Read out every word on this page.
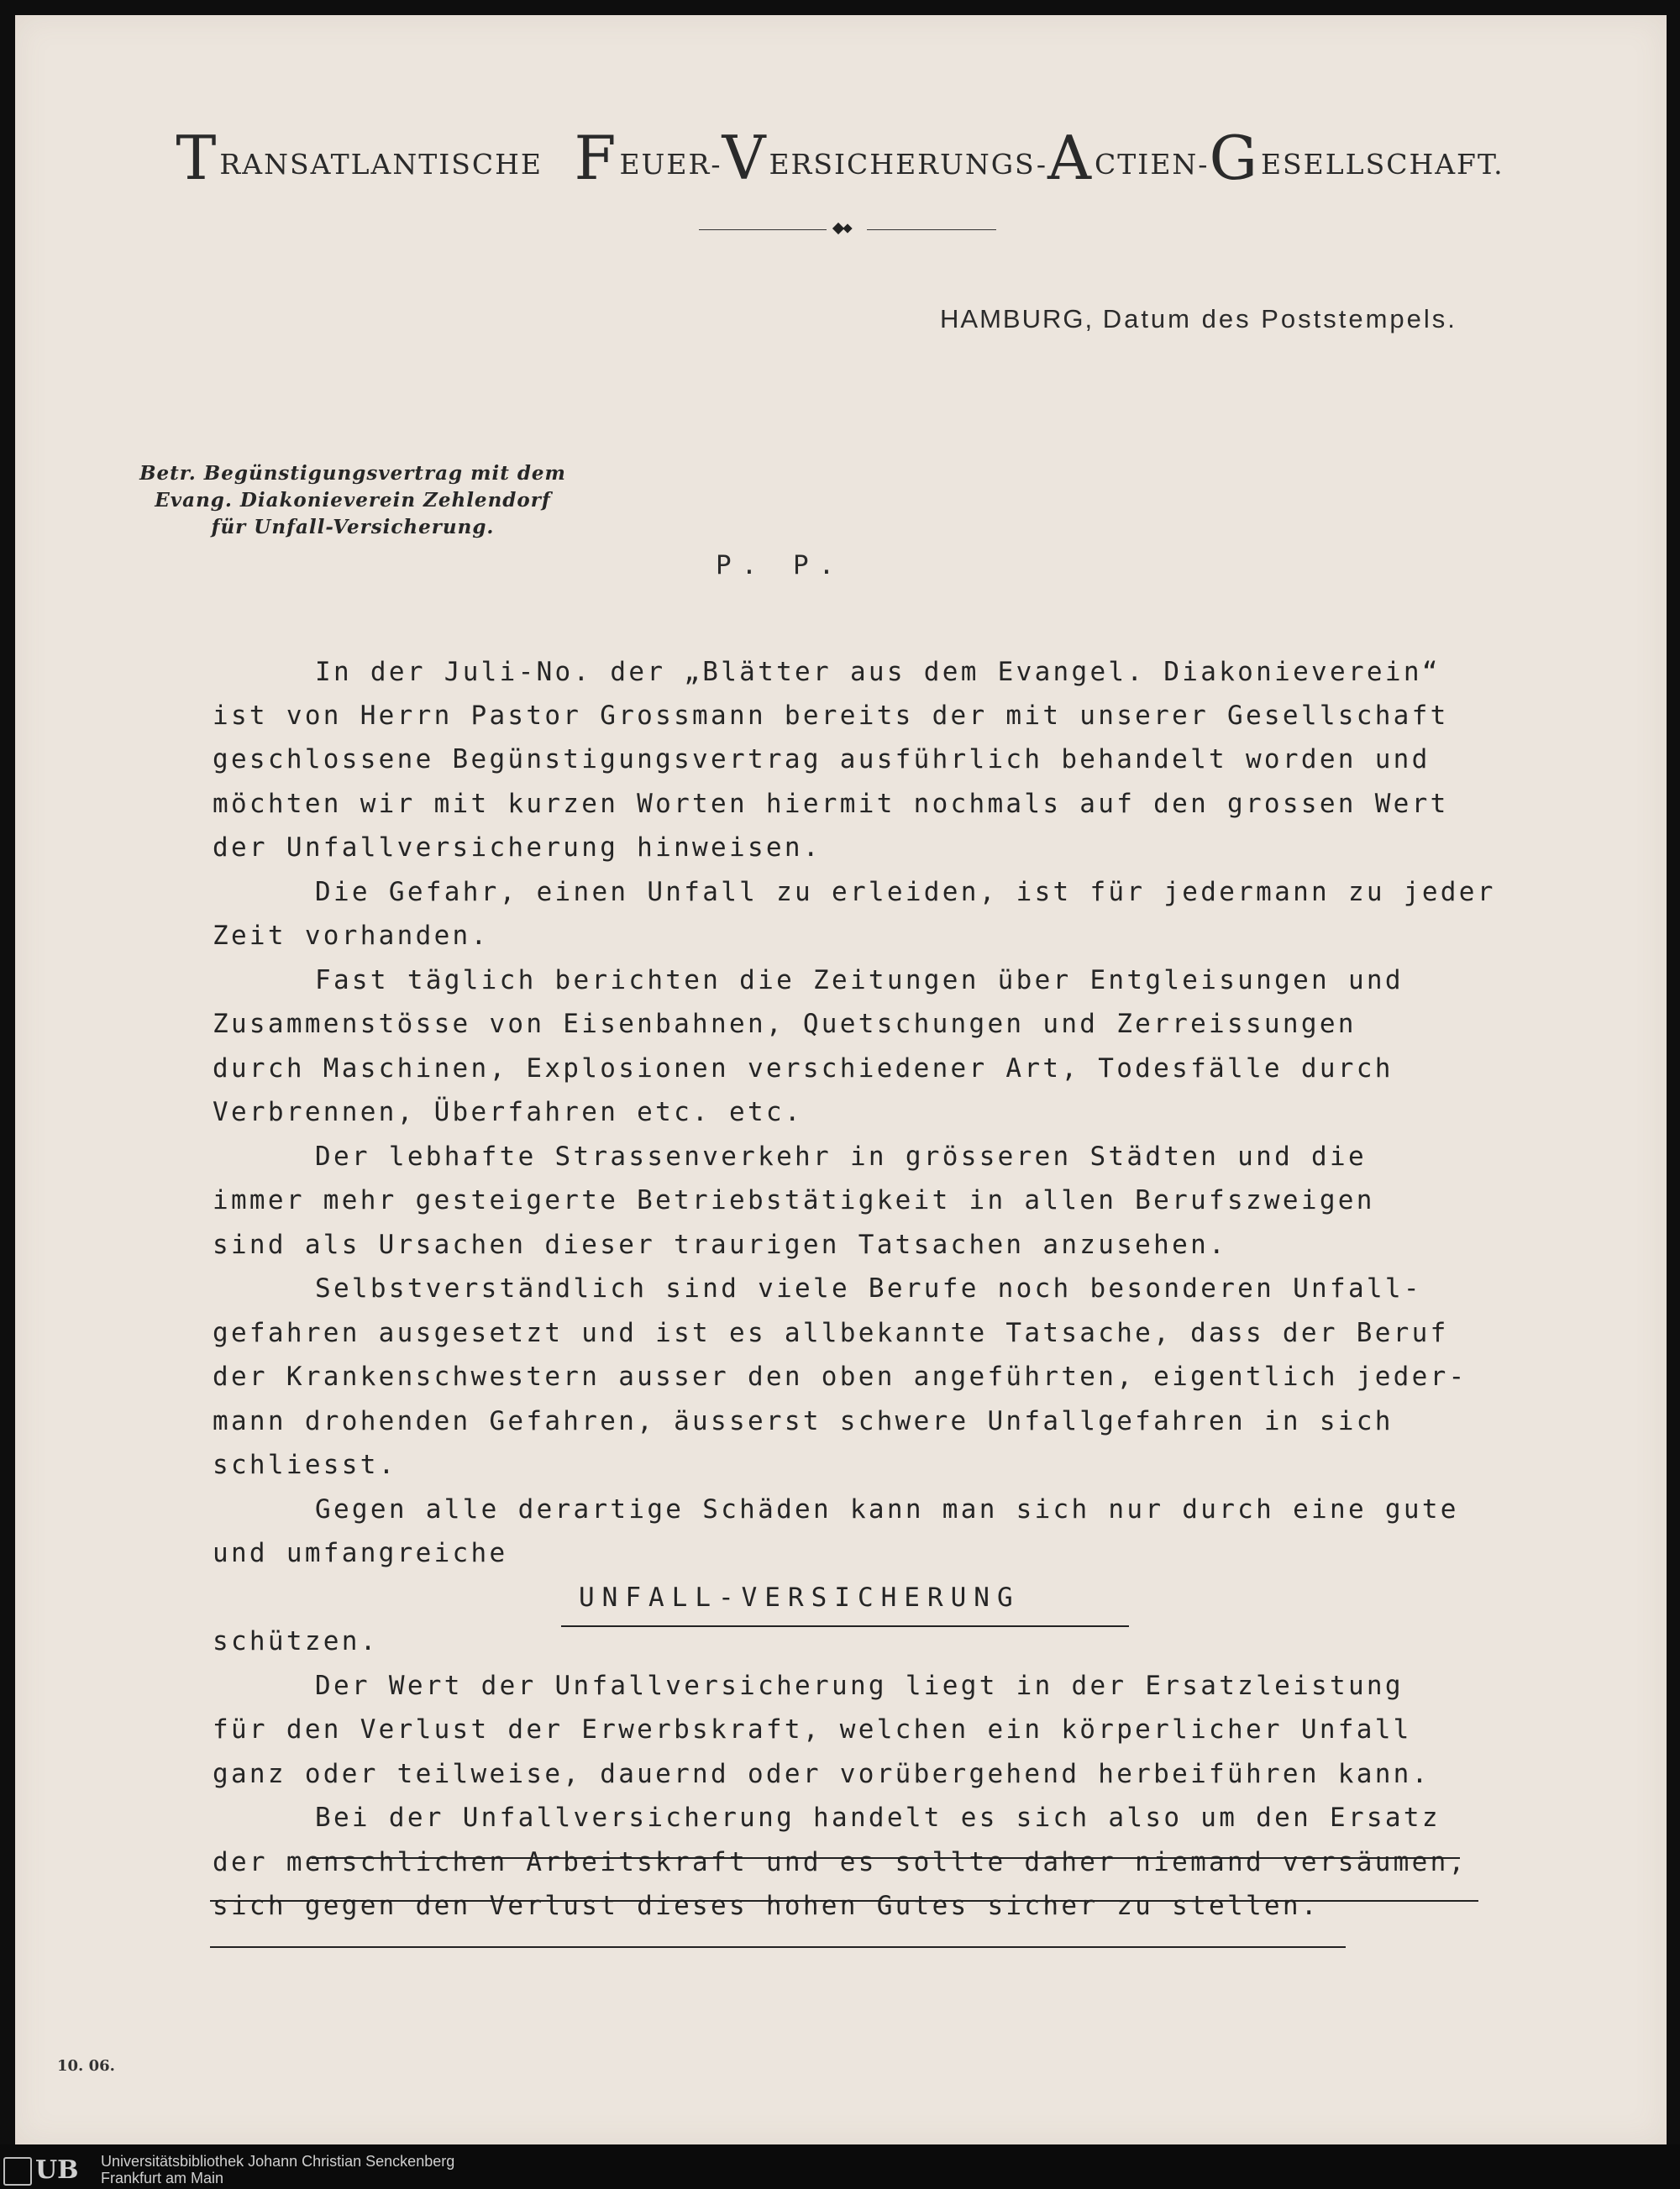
TRANSATLANTISCHE FEUER-VERSICHERUNGS-ACTIEN-GESELLSCHAFT.
HAMBURG, Datum des Poststempels.
Betr. Begünstigungsvertrag mit dem
Evang. Diakonieverein Zehlendorf
für Unfall-Versicherung.
P. P.
In der Juli-No. der „Blätter aus dem Evangel. Diakonieverein“
ist von Herrn Pastor Grossmann bereits der mit unserer Gesellschaft
geschlossene Begünstigungsvertrag ausführlich behandelt worden und
möchten wir mit kurzen Worten hiermit nochmals auf den grossen Wert
der Unfallversicherung hinweisen.
Die Gefahr, einen Unfall zu erleiden, ist für jedermann zu jeder
Zeit vorhanden.
Fast täglich berichten die Zeitungen über Entgleisungen und
Zusammenstösse von Eisenbahnen, Quetschungen und Zerreissungen
durch Maschinen, Explosionen verschiedener Art, Todesfälle durch
Verbrennen, Überfahren etc. etc.
Der lebhafte Strassenverkehr in grösseren Städten und die
immer mehr gesteigerte Betriebstätigkeit in allen Berufszweigen
sind als Ursachen dieser traurigen Tatsachen anzusehen.
Selbstverständlich sind viele Berufe noch besonderen Unfall-
gefahren ausgesetzt und ist es allbekannte Tatsache, dass der Beruf
der Krankenschwestern ausser den oben angeführten, eigentlich jeder-
mann drohenden Gefahren, äusserst schwere Unfallgefahren in sich
schliesst.
Gegen alle derartige Schäden kann man sich nur durch eine gute
und umfangreiche
UNFALL-VERSICHERUNG
schützen.
Der Wert der Unfallversicherung liegt in der Ersatzleistung
für den Verlust der Erwerbskraft, welchen ein körperlicher Unfall
ganz oder teilweise, dauernd oder vorübergehend herbeiführen kann.
Bei der Unfallversicherung handelt es sich also um den Ersatz
der menschlichen Arbeitskraft und es sollte daher niemand versäumen,
sich gegen den Verlust dieses hohen Gutes sicher zu stellen.
10. 06.
UB	Universitätsbibliothek Johann Christian Senckenberg
Frankfurt am Main
